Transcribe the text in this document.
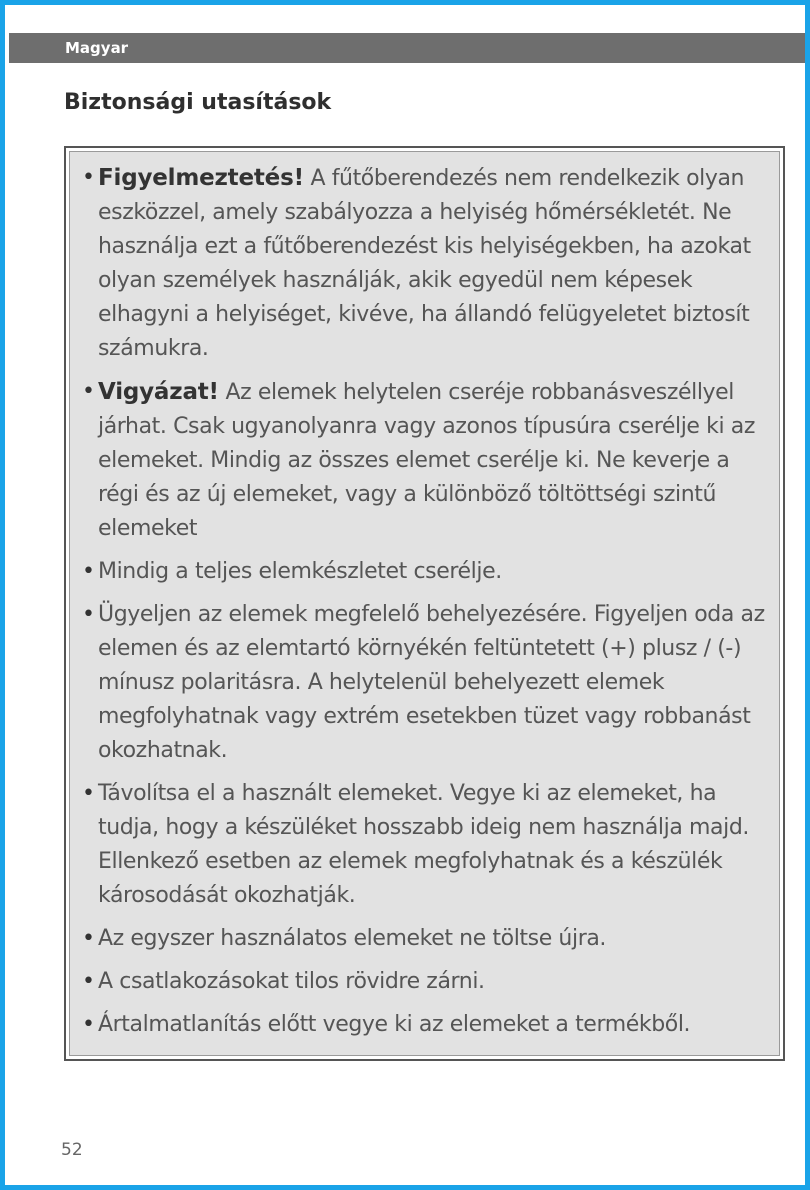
Magyar
Biztonsági utasítások
• Figyelmeztetés! A fűtőberendezés nem rendelkezik olyan eszközzel, amely szabályozza a helyiség hőmérsékletét. Ne használja ezt a fűtőberendezést kis helyiségekben, ha azokat olyan személyek használják, akik egyedül nem képesek elhagyni a helyiséget, kivéve, ha állandó felügyeletet biztosít számukra.
• Vigyázat! Az elemek helytelen cseréje robbanásveszéllyel járhat. Csak ugyanolyanra vagy azonos típusúra cserélje ki az elemeket. Mindig az összes elemet cserélje ki. Ne keverje a régi és az új elemeket, vagy a különböző töltöttségi szintű elemeket
• Mindig a teljes elemkészletet cserélje.
• Ügyeljen az elemek megfelelő behelyezésére. Figyeljen oda az elemen és az elemtartó környékén feltüntetett (+) plusz / (-) mínusz polaritásra. A helytelenül behelyezett elemek megfolyhatnak vagy extrém esetekben tüzet vagy robbanást okozhatnak.
• Távolítsa el a használt elemeket. Vegye ki az elemeket, ha tudja, hogy a készüléket hosszabb ideig nem használja majd. Ellenkező esetben az elemek megfolyhatnak és a készülék károsodását okozhatják.
• Az egyszer használatos elemeket ne töltse újra.
• A csatlakozásokat tilos rövidre zárni.
• Ártalmatlanítás előtt vegye ki az elemeket a termékből.
52
